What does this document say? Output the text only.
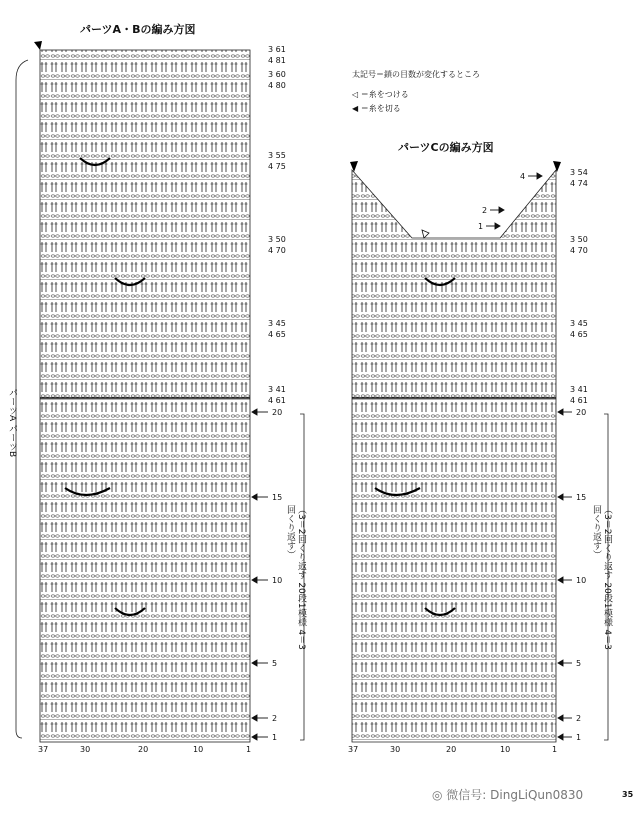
パーツA・Bの編み方図
パーツCの編み方図
太記号＝鎖の目数が変化するところ
◁ ＝糸をつける
◀ ＝糸を切る
3 61
4 81
3 60
4 80
3 55
4 75
3 50
4 70
3 45
4 65
3 41
4 61
20
15
10
5
2
1
37	30	20	10	1
4
2
1
3 54
4 74
3 50
4 70
3 45
4 65
3 41
4 61
20
15
10
5
2
1
37	30	20	10	1
パーツA パーツB
（3＝2回くり返す 20段1模様 4＝3回くり返す）	（3＝2回くり返す 20段1模様 4＝3回くり返す）
◎ 微信号: DingLiQun0830	35
